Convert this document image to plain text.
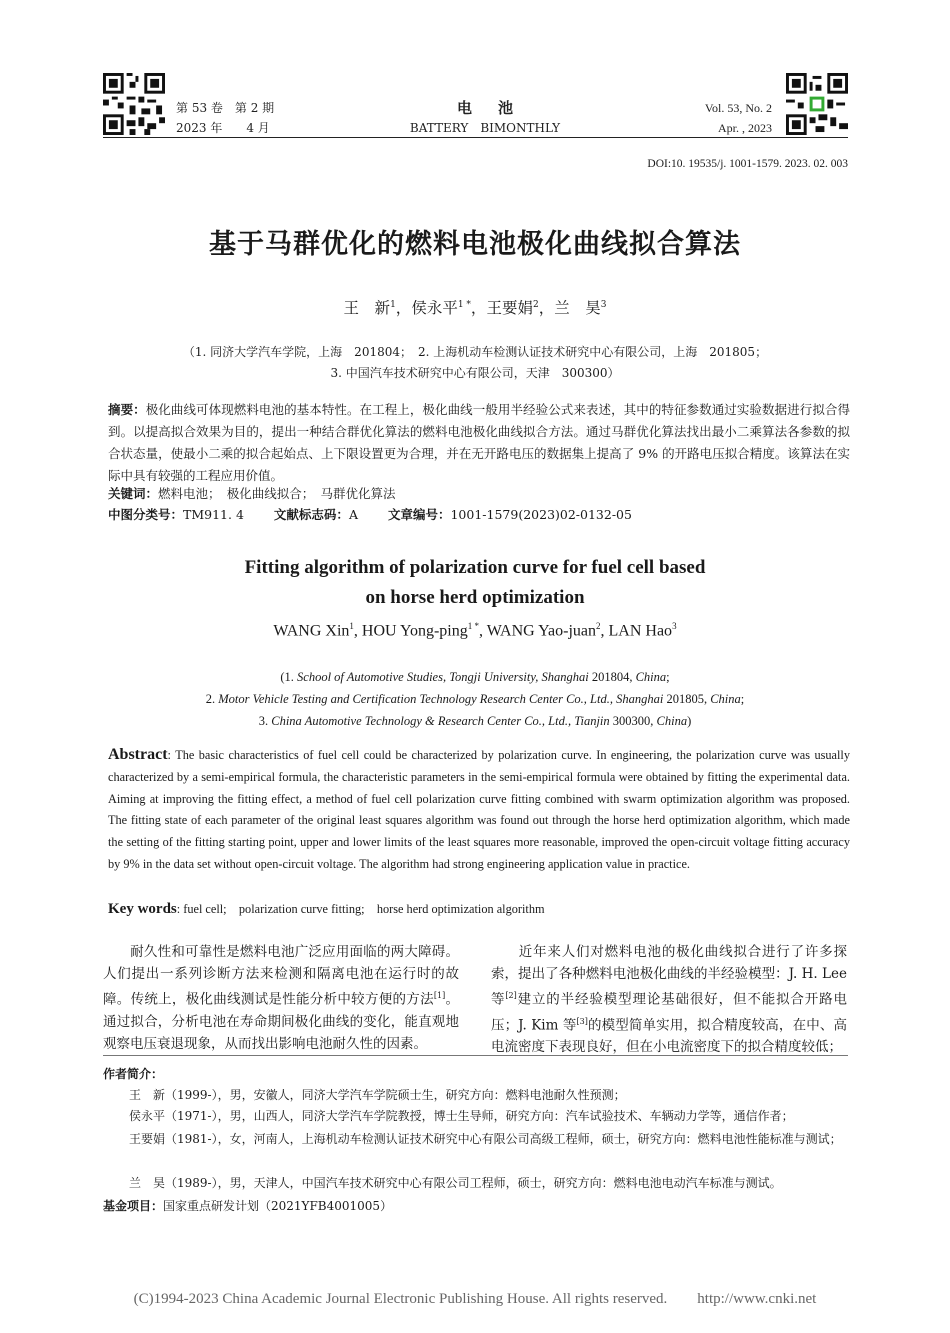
第 53 卷　第 2 期
2023 年　　4 月
电池
BATTERY　BIMONTHLY
Vol. 53, No. 2
Apr. , 2023
DOI:10. 19535/j. 1001-1579. 2023. 02. 003
基于马群优化的燃料电池极化曲线拟合算法
王　新$^1$，侯永平$^{1 *}$，王要娟$^2$，兰　昊$^3$
（1. 同济大学汽车学院，上海　201804；　2. 上海机动车检测认证技术研究中心有限公司，上海　201805；
3. 中国汽车技术研究中心有限公司，天津　300300）
摘要：极化曲线可体现燃料电池的基本特性。在工程上，极化曲线一般用半经验公式来表述，其中的特征参数通过实验数据进行拟合得到。以提高拟合效果为目的，提出一种结合群优化算法的燃料电池极化曲线拟合方法。通过马群优化算法找出最小二乘算法各参数的拟合状态量，使最小二乘的拟合起始点、上下限设置更为合理，并在无开路电压的数据集上提高了 9% 的开路电压拟合精度。该算法在实际中具有较强的工程应用价值。
关键词：燃料电池；　极化曲线拟合；　马群优化算法
中图分类号：TM911. 4 文献标志码：A 文章编号：1001-1579(2023)02-0132-05
Fitting algorithm of polarization curve for fuel cell based
on horse herd optimization
WANG Xin$^1$, HOU Yong-ping$^{1 *}$, WANG Yao-juan$^2$, LAN Hao$^3$
(1. School of Automotive Studies, Tongji University, Shanghai 201804, China;
2. Motor Vehicle Testing and Certification Technology Research Center Co., Ltd., Shanghai 201805, China;
3. China Automotive Technology & Research Center Co., Ltd., Tianjin 300300, China)
Abstract: The basic characteristics of fuel cell could be characterized by polarization curve. In engineering, the polarization curve was usually characterized by a semi-empirical formula, the characteristic parameters in the semi-empirical formula were obtained by fitting the experimental data. Aiming at improving the fitting effect, a method of fuel cell polarization curve fitting combined with swarm optimization algorithm was proposed. The fitting state of each parameter of the original least squares algorithm was found out through the horse herd optimization algorithm, which made the setting of the fitting starting point, upper and lower limits of the least squares more reasonable, improved the open-circuit voltage fitting accuracy by 9% in the data set without open-circuit voltage. The algorithm had strong engineering application value in practice.
Key words: fuel cell;　polarization curve fitting;　horse herd optimization algorithm
耐久性和可靠性是燃料电池广泛应用面临的两大障碍。人们提出一系列诊断方法来检测和隔离电池在运行时的故障。传统上，极化曲线测试是性能分析中较方便的方法[1]。通过拟合，分析电池在寿命期间极化曲线的变化，能直观地观察电压衰退现象，从而找出影响电池耐久性的因素。
近年来人们对燃料电池的极化曲线拟合进行了许多探索，提出了各种燃料电池极化曲线的半经验模型：J. H. Lee 等[2]建立的半经验模型理论基础很好，但不能拟合开路电压；J. Kim 等[3]的模型简单实用，拟合精度较高，在中、高电流密度下表现良好，但在小电流密度下的拟合精度较低；
作者简介：
王　新（1999-），男，安徽人，同济大学汽车学院硕士生，研究方向：燃料电池耐久性预测；
侯永平（1971-），男，山西人，同济大学汽车学院教授，博士生导师，研究方向：汽车试验技术、车辆动力学等，通信作者；
王要娟（1981-），女，河南人，上海机动车检测认证技术研究中心有限公司高级工程师，硕士，研究方向：燃料电池性能标准与测试；
兰　昊（1989-），男，天津人，中国汽车技术研究中心有限公司工程师，硕士，研究方向：燃料电池电动汽车标准与测试。
基金项目：国家重点研发计划（2021YFB4001005）
(C)1994-2023 China Academic Journal Electronic Publishing House. All rights reserved.　　http://www.cnki.net
